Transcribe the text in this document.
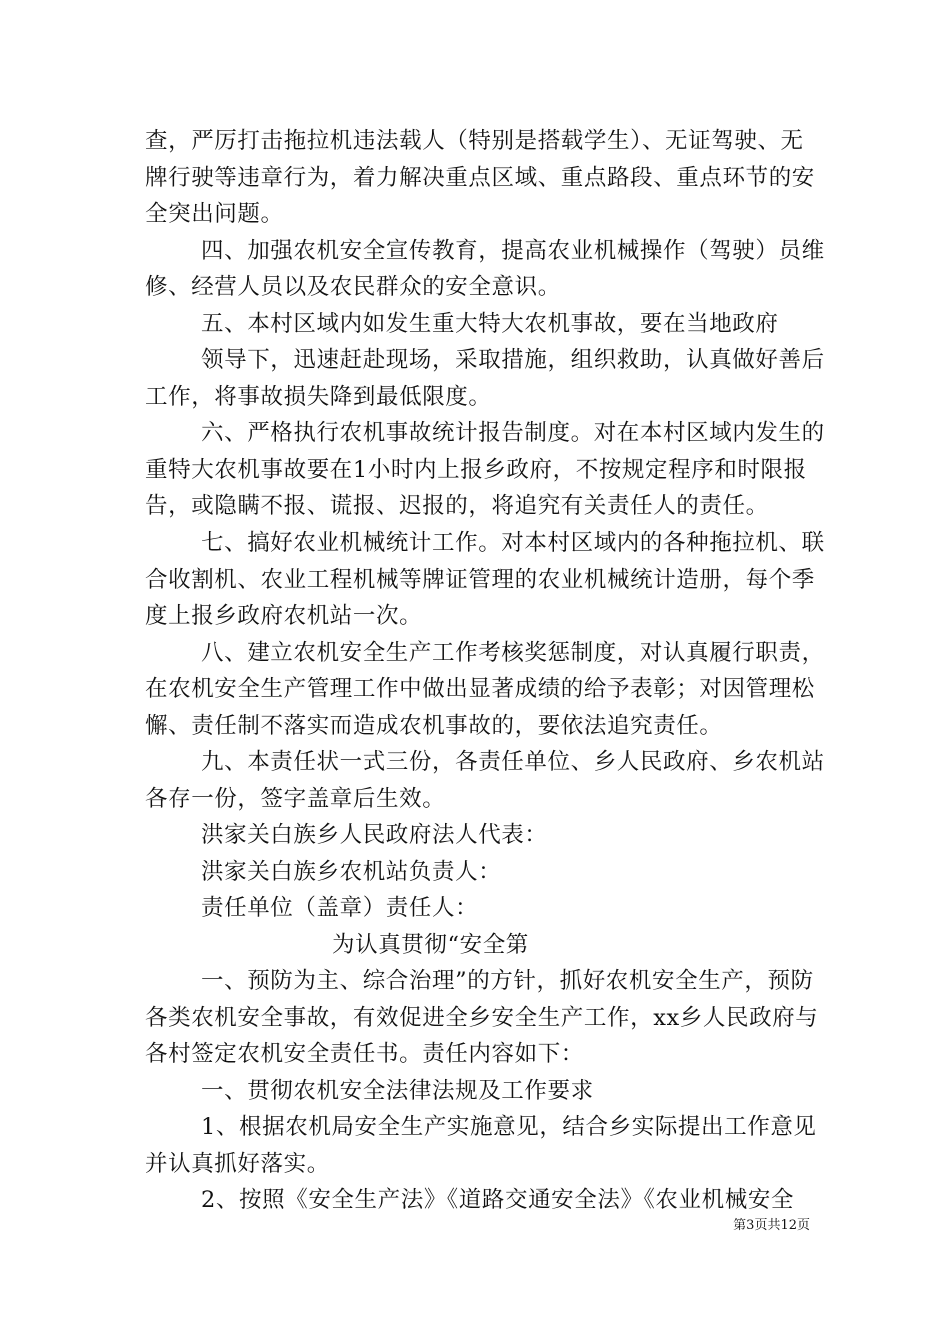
查，严厉打击拖拉机违法载人（特别是搭载学生）、无证驾驶、无
牌行驶等违章行为，着力解决重点区域、重点路段、重点环节的安
全突出问题。
四、加强农机安全宣传教育，提高农业机械操作（驾驶）员维
修、经营人员以及农民群众的安全意识。
五、本村区域内如发生重大特大农机事故，要在当地政府
领导下，迅速赶赴现场，采取措施，组织救助，认真做好善后
工作，将事故损失降到最低限度。
六、严格执行农机事故统计报告制度。对在本村区域内发生的
重特大农机事故要在1小时内上报乡政府，不按规定程序和时限报
告，或隐瞒不报、谎报、迟报的，将追究有关责任人的责任。
七、搞好农业机械统计工作。对本村区域内的各种拖拉机、联
合收割机、农业工程机械等牌证管理的农业机械统计造册，每个季
度上报乡政府农机站一次。
八、建立农机安全生产工作考核奖惩制度，对认真履行职责，
在农机安全生产管理工作中做出显著成绩的给予表彰；对因管理松
懈、责任制不落实而造成农机事故的，要依法追究责任。
九、本责任状一式三份，各责任单位、乡人民政府、乡农机站
各存一份，签字盖章后生效。
洪家关白族乡人民政府法人代表：
洪家关白族乡农机站负责人：
责任单位（盖章）责任人：
为认真贯彻“安全第
一、预防为主、综合治理”的方针，抓好农机安全生产，预防
各类农机安全事故，有效促进全乡安全生产工作，xx乡人民政府与
各村签定农机安全责任书。责任内容如下：
一、贯彻农机安全法律法规及工作要求
1、根据农机局安全生产实施意见，结合乡实际提出工作意见
并认真抓好落实。
2、按照《安全生产法》《道路交通安全法》《农业机械安全
第3页共12页
